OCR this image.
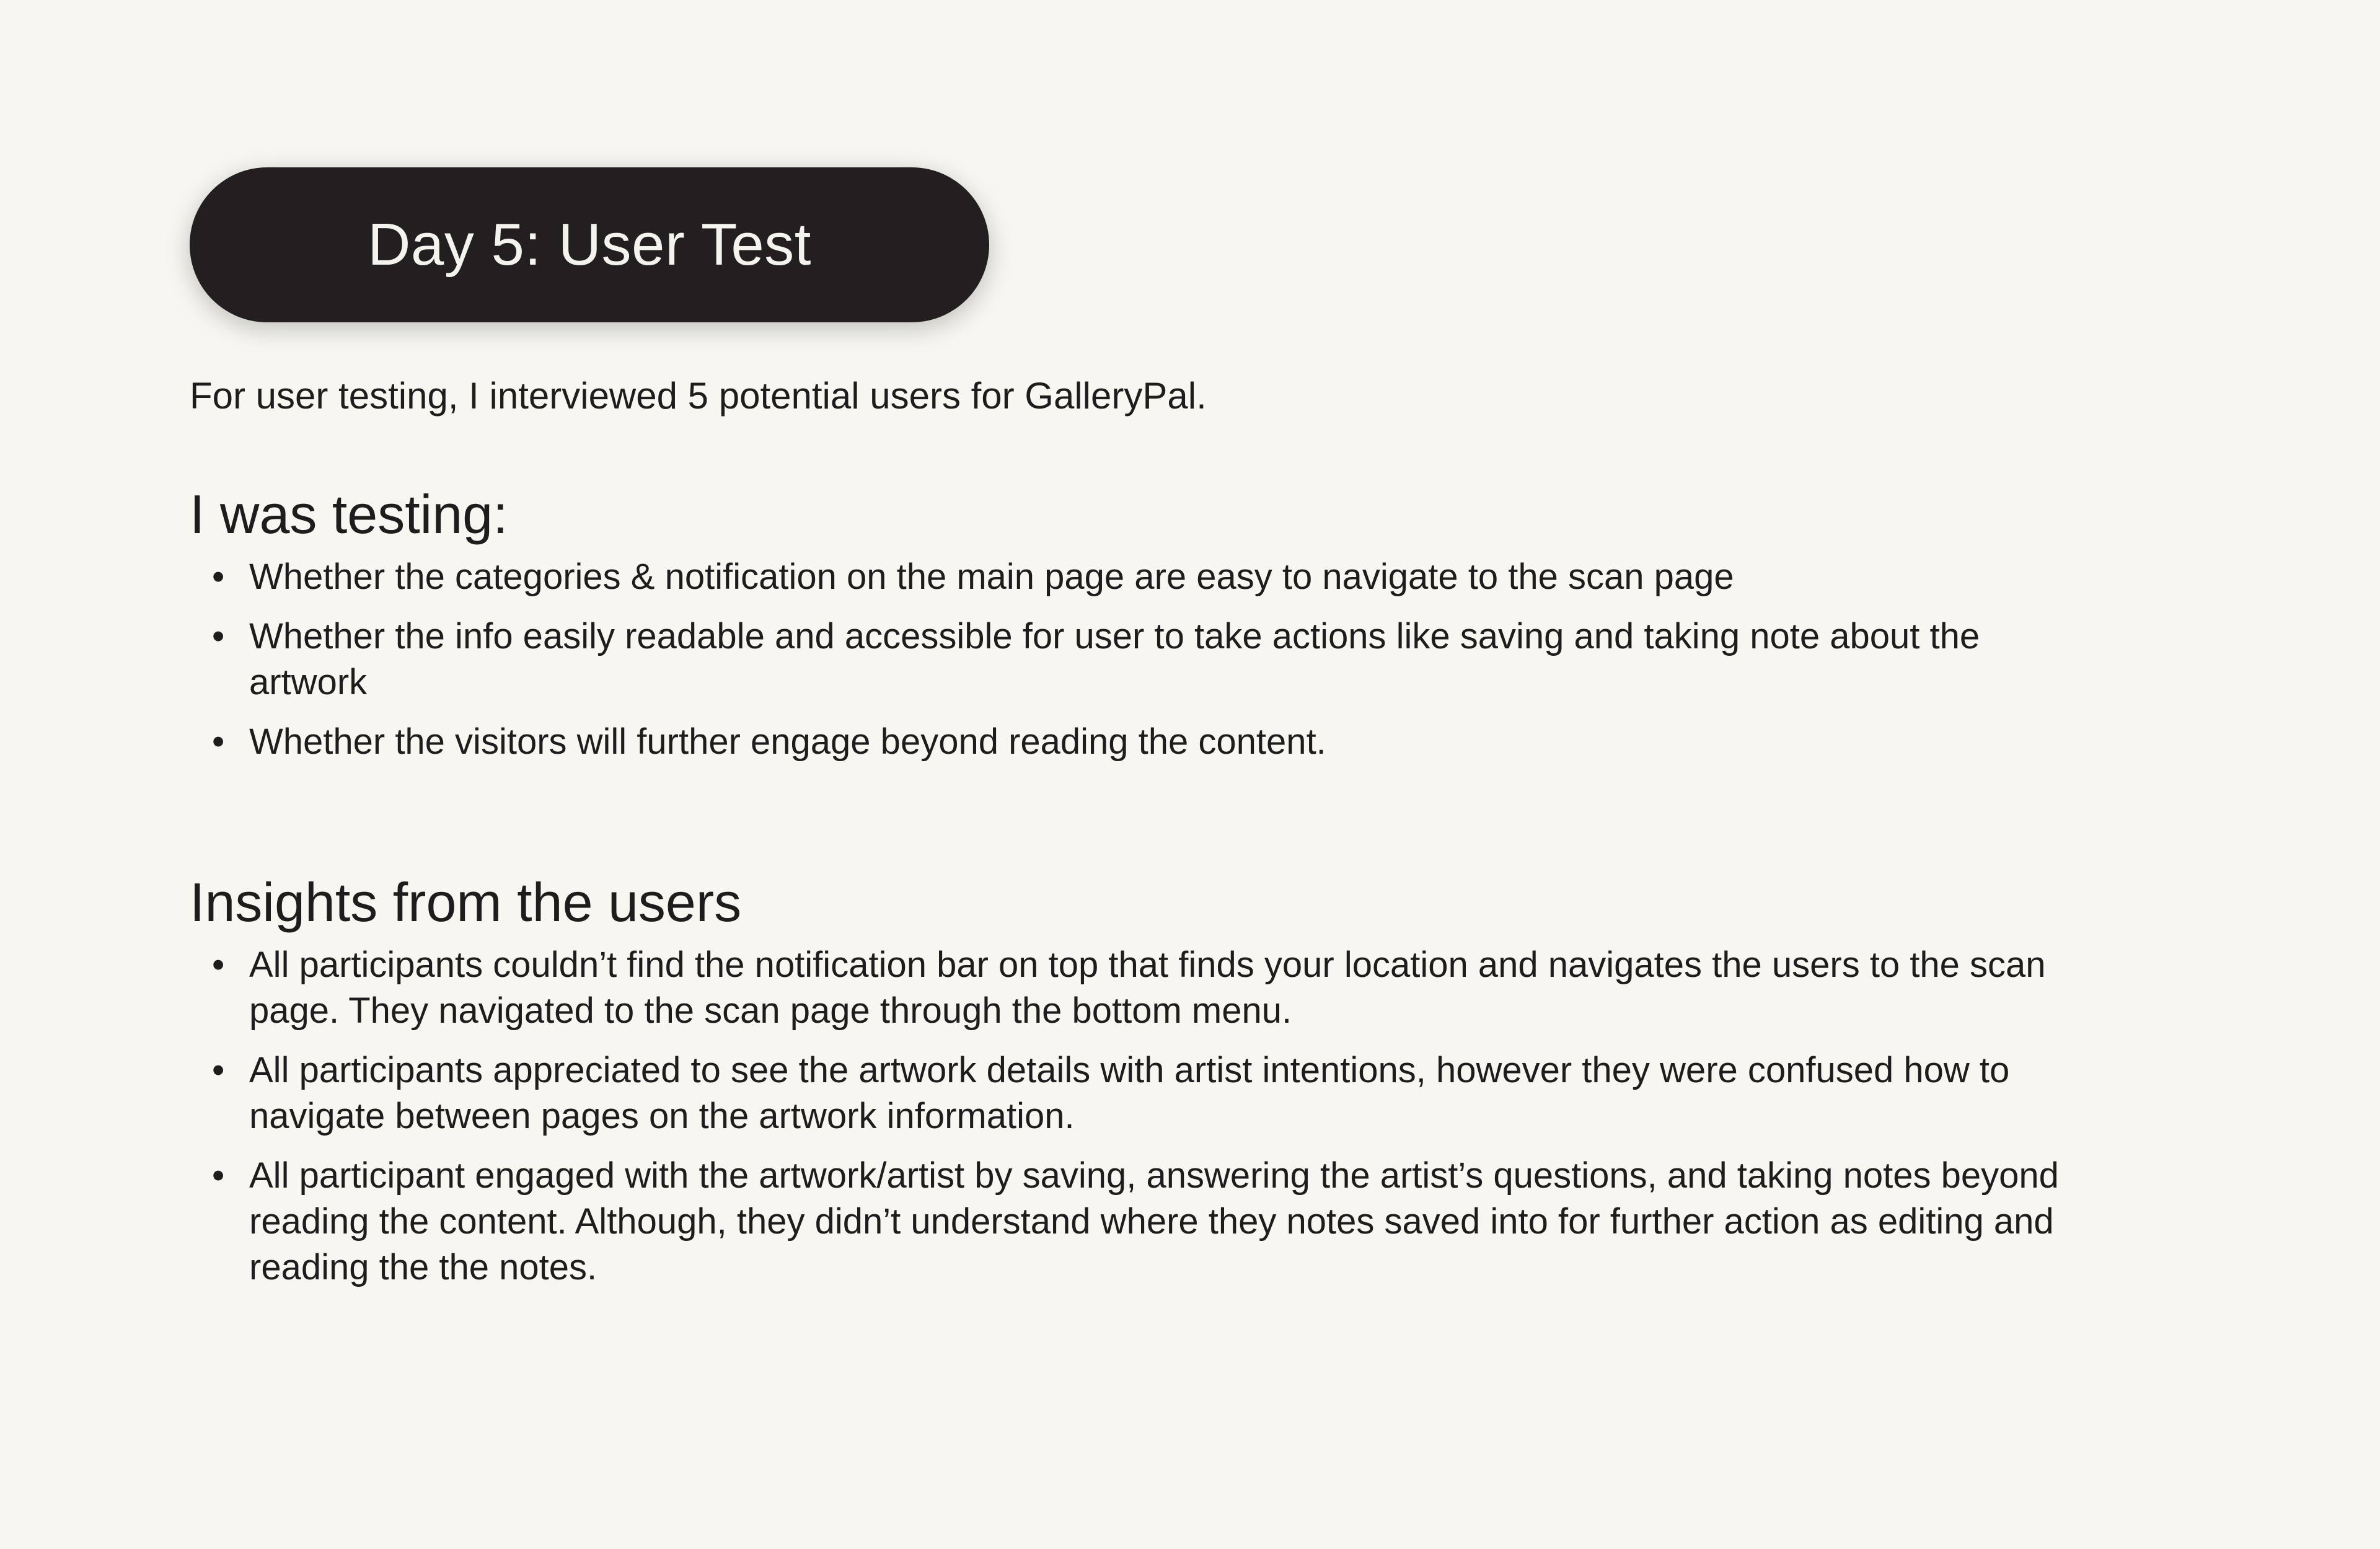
Day 5: User Test
For user testing, I interviewed 5 potential users for GalleryPal.
I was testing:
• Whether the categories & notification on the main page are easy to navigate to the scan page
• Whether the info easily readable and accessible for user to take actions like saving and taking note about the artwork
• Whether the visitors will further engage beyond reading the content.
Insights from the users
• All participants couldn’t find the notification bar on top that finds your location and navigates the users to the scan page. They navigated to the scan page through the bottom menu.
• All participants appreciated to see the artwork details with artist intentions, however they were confused how to navigate between pages on the artwork information.
• All participant engaged with the artwork/artist by saving, answering the artist’s questions, and taking notes beyond reading the content. Although, they didn’t understand where they notes saved into for further action as editing and reading the the notes.
